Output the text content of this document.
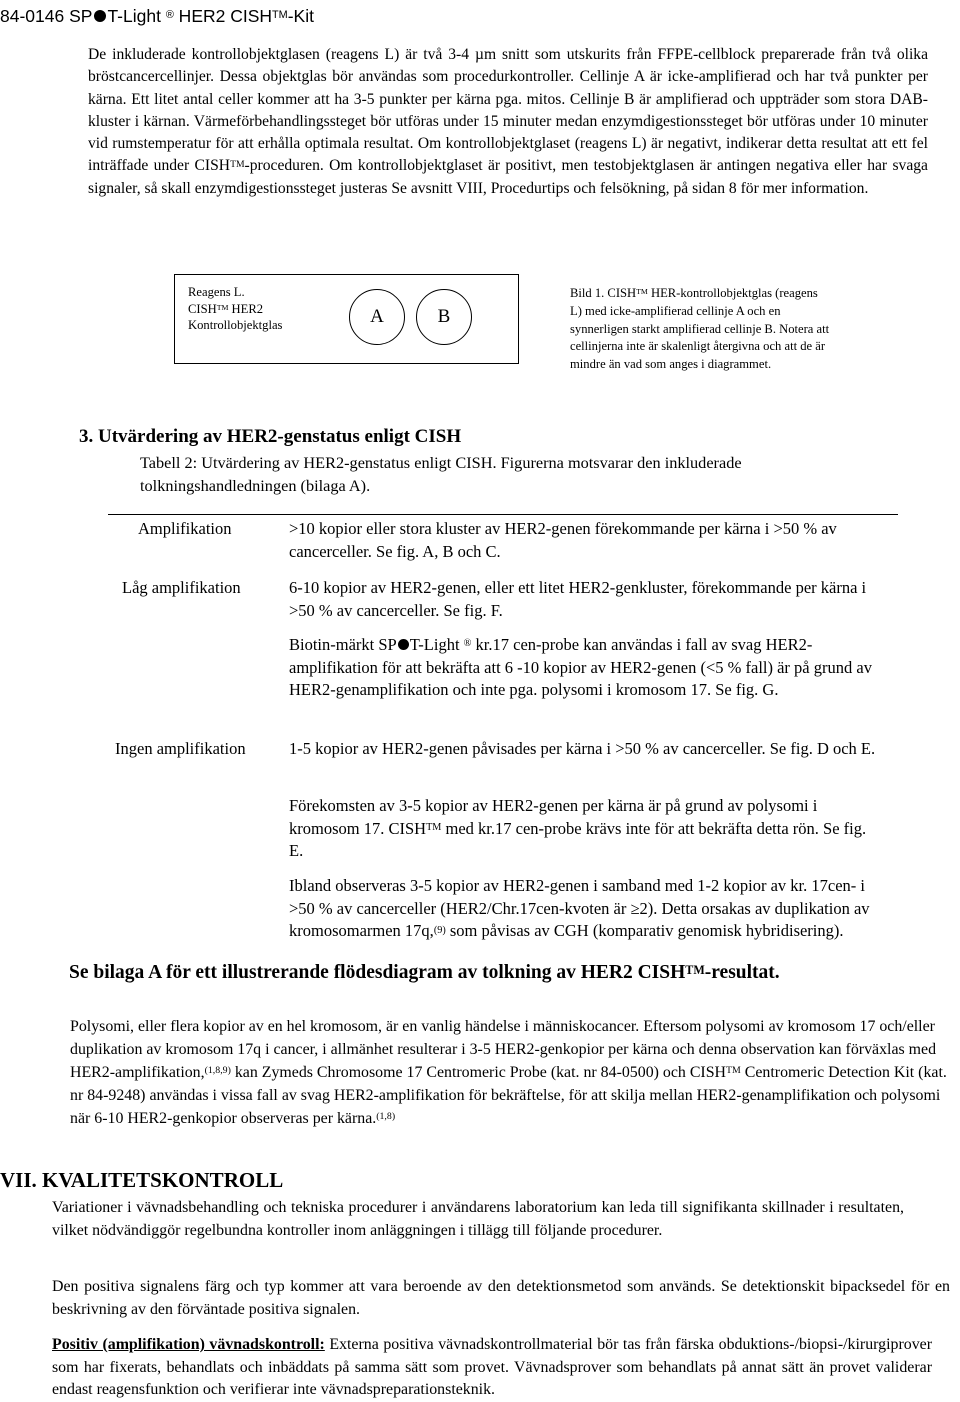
84-0146 SP T-Light ® HER2 CISH™-Kit

De inkluderade kontrollobjektglasen (reagens L) är två 3-4 µm snitt som utskurits från FFPE-cellblock preparerade från två olika bröstcancercellinjer. Dessa objektglas bör användas som procedurkontroller. Cellinje A är icke-amplifierad och har två punkter per kärna. Ett litet antal celler kommer att ha 3-5 punkter per kärna pga. mitos. Cellinje B är amplifierad och uppträder som stora DAB-kluster i kärnan. Värmeförbehandlingssteget bör utföras under 15 minuter medan enzymdigestionssteget bör utföras under 10 minuter vid rumstemperatur för att erhålla optimala resultat. Om kontrollobjektglaset (reagens L) är negativt, indikerar detta resultat att ett fel inträffade under CISH™-proceduren. Om kontrollobjektglaset är positivt, men testobjektglasen är antingen negativa eller har svaga signaler, så skall enzymdigestionssteget justeras Se avsnitt VIII, Procedurtips och felsökning, på sidan 8 för mer information.

Reagens L.
CISH™ HER2
Kontrollobjektglas	A	B
Bild 1. CISH™ HER-kontrollobjektglas (reagens L) med icke-amplifierad cellinje A och en synnerligen starkt amplifierad cellinje B. Notera att cellinjerna inte är skalenligt återgivna och att de är mindre än vad som anges i diagrammet.
3. Utvärdering av HER2-genstatus enligt CISH

Tabell 2: Utvärdering av HER2-genstatus enligt CISH. Figurerna motsvarar den inkluderade tolkningshandledningen (bilaga A).

Amplifikation	>10 kopior eller stora kluster av HER2-genen förekommande per kärna i >50 % av cancerceller. Se fig. A, B och C.
Låg amplifikation	6-10 kopior av HER2-genen, eller ett litet HER2-genkluster, förekommande per kärna i >50 % av cancerceller. Se fig. F.
Biotin-märkt SP T-Light ® kr.17 cen-probe kan användas i fall av svag HER2-amplifikation för att bekräfta att 6 -10 kopior av HER2-genen (<5 % fall) är på grund av HER2-genamplifikation och inte pga. polysomi i kromosom 17. Se fig. G.
Ingen amplifikation	1-5 kopior av HER2-genen påvisades per kärna i >50 % av cancerceller. Se fig. D och E.
Förekomsten av 3-5 kopior av HER2-genen per kärna är på grund av polysomi i kromosom 17. CISH™ med kr.17 cen-probe krävs inte för att bekräfta detta rön. Se fig. E.
Ibland observeras 3-5 kopior av HER2-genen i samband med 1-2 kopior av kr. 17cen- i >50 % av cancerceller (HER2/Chr.17cen-kvoten är ≥2). Detta orsakas av duplikation av kromosomarmen 17q,$^{(9)}$ som påvisas av CGH (komparativ genomisk hybridisering).
Se bilaga A för ett illustrerande flödesdiagram av tolkning av HER2 CISH™-resultat.

Polysomi, eller flera kopior av en hel kromosom, är en vanlig händelse i människocancer. Eftersom polysomi av kromosom 17 och/eller duplikation av kromosom 17q i cancer, i allmänhet resulterar i 3-5 HER2-genkopior per kärna och denna observation kan förväxlas med HER2-amplifikation,$^{(1,8,9)}$ kan Zymeds Chromosome 17 Centromeric Probe (kat. nr 84-0500) och CISH™ Centromeric Detection Kit (kat. nr 84-9248) användas i vissa fall av svag HER2-amplifikation för bekräftelse, för att skilja mellan HER2-genamplifikation och polysomi när 6-10 HER2-genkopior observeras per kärna.$^{(1,8)}$

VII. KVALITETSKONTROLL

Variationer i vävnadsbehandling och tekniska procedurer i användarens laboratorium kan leda till signifikanta skillnader i resultaten, vilket nödvändiggör regelbundna kontroller inom anläggningen i tillägg till följande procedurer.

Den positiva signalens färg och typ kommer att vara beroende av den detektionsmetod som används. Se detektionskit bipacksedel för en beskrivning av den förväntade positiva signalen.

Positiv (amplifikation) vävnadskontroll: Externa positiva vävnadskontrollmaterial bör tas från färska obduktions-/biopsi-/kirurgiprover som har fixerats, behandlats och inbäddats på samma sätt som provet. Vävnadsprover som behandlats på annat sätt än provet validerar endast reagensfunktion och verifierar inte vävnadspreparationsteknik.
